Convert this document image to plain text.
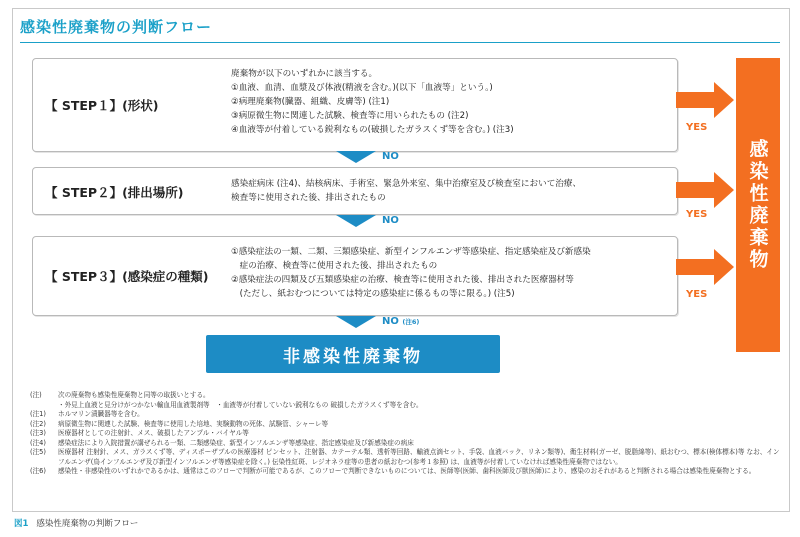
感染性廃棄物の判断フロー
【 STEP１】(形状)
廃棄物が以下のいずれかに該当する。
①血液、血清、血漿及び体液(精液を含む。)(以下「血液等」という。)
②病理廃棄物(臓器、組織、皮膚等) (注1)
③病原微生物に関連した試験、検査等に用いられたもの (注2)
④血液等が付着している鋭利なもの(破損したガラスくず等を含む。) (注3)
NO
【 STEP２】(排出場所)
感染症病床 (注4)、結核病床、手術室、緊急外来室、集中治療室及び検査室において治療、
検査等に使用された後、排出されたもの
NO
【 STEP３】(感染症の種類)
①感染症法の一類、二類、三類感染症、新型インフルエンザ等感染症、指定感染症及び新感染
　症の治療、検査等に使用された後、排出されたもの
②感染症法の四類及び五類感染症の治療、検査等に使用された後、排出された医療器材等
　(ただし、紙おむつについては特定の感染症に係るもの等に限る。) (注5)
NO (注6)
非感染性廃棄物
YES
YES
YES
感染性廃棄物
(注)	次の廃棄物も感染性廃棄物と同等の取扱いとする。
・外見上血液と見分けがつかない輸血用血液製剤等　・血液等が付着していない鋭利なもの 破損したガラスくず等を含む。
(注1)	ホルマリン漬臓器等を含む。
(注2)	病原微生物に関連した試験、検査等に使用した培地、実験動物の死体、試験管、シャーレ等
(注3)	医療器材としての注射針、メス、破損したアンプル・バイヤル等
(注4)	感染症法により入院措置が講ぜられる一類、二類感染症、新型インフルエンザ等感染症、指定感染症及び新感染症の病床
(注5)	医療器材 注射針、メス、ガラスくず等、ディスポーザブルの医療器材 ピンセット、注射器、カテーテル類、透析等回路、輸液点滴セット、手袋、血液バック、リネン類等)、衛生材料(ガーゼ、脱脂綿等)、紙おむつ、標本(検体標本)等 なお、インフルエンザ(鳥インフルエンザ及び新型インフルエンザ等感染症を除く。) 伝染性紅斑、レジオネラ症等の患者の紙おむつ(参考１参照) は、血液等が付着していなければ感染性廃棄物ではない。
(注6)	感染性・非感染性のいずれかであるかは、通常はこのフローで判断が可能であるが、このフローで判断できないものについては、医師等(医師、歯科医師及び獣医師)により、感染のおそれがあると判断される場合は感染性廃棄物とする。
図1 感染性廃棄物の判断フロー
